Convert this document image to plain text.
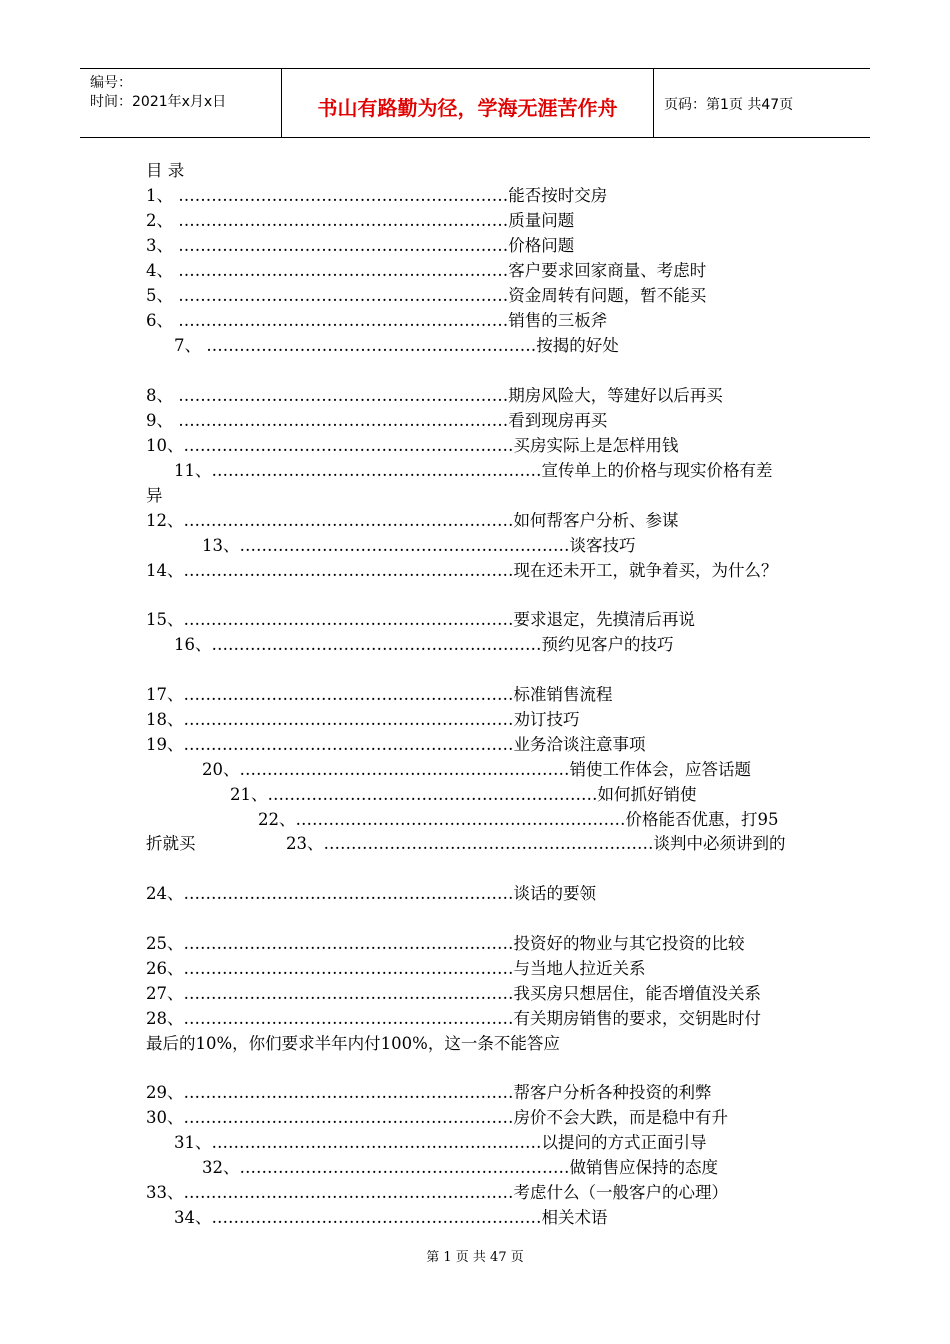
编号：
时间：2021年x月x日	书山有路勤为径，学海无涯苦作舟	页码：第1页 共47页
目 录
1、 ……………………………………………………能否按时交房
2、 ……………………………………………………质量问题
3、 ……………………………………………………价格问题
4、 ……………………………………………………客户要求回家商量、考虑时
5、 ……………………………………………………资金周转有问题，暂不能买
6、 ……………………………………………………销售的三板斧
7、 ……………………………………………………按揭的好处
8、 ……………………………………………………期房风险大，等建好以后再买
9、 ……………………………………………………看到现房再买
10、……………………………………………………买房实际上是怎样用钱
11、……………………………………………………宣传单上的价格与现实价格有差
异
12、……………………………………………………如何帮客户分析、参谋
13、……………………………………………………谈客技巧
14、……………………………………………………现在还未开工，就争着买，为什么？
15、……………………………………………………要求退定，先摸清后再说
16、……………………………………………………预约见客户的技巧
17、……………………………………………………标准销售流程
18、……………………………………………………劝订技巧
19、……………………………………………………业务洽谈注意事项
20、……………………………………………………销使工作体会，应答话题
21、……………………………………………………如何抓好销使
22、……………………………………………………价格能否优惠，打95
折就买	23、……………………………………………………谈判中必须讲到的
24、……………………………………………………谈话的要领
25、……………………………………………………投资好的物业与其它投资的比较
26、……………………………………………………与当地人拉近关系
27、……………………………………………………我买房只想居住，能否增值没关系
28、……………………………………………………有关期房销售的要求，交钥匙时付
最后的10%，你们要求半年内付100%，这一条不能答应
29、……………………………………………………帮客户分析各种投资的利弊
30、……………………………………………………房价不会大跌，而是稳中有升
31、……………………………………………………以提问的方式正面引导
32、……………………………………………………做销售应保持的态度
33、……………………………………………………考虑什么（一般客户的心理）
34、……………………………………………………相关术语
第 1 页 共 47 页
